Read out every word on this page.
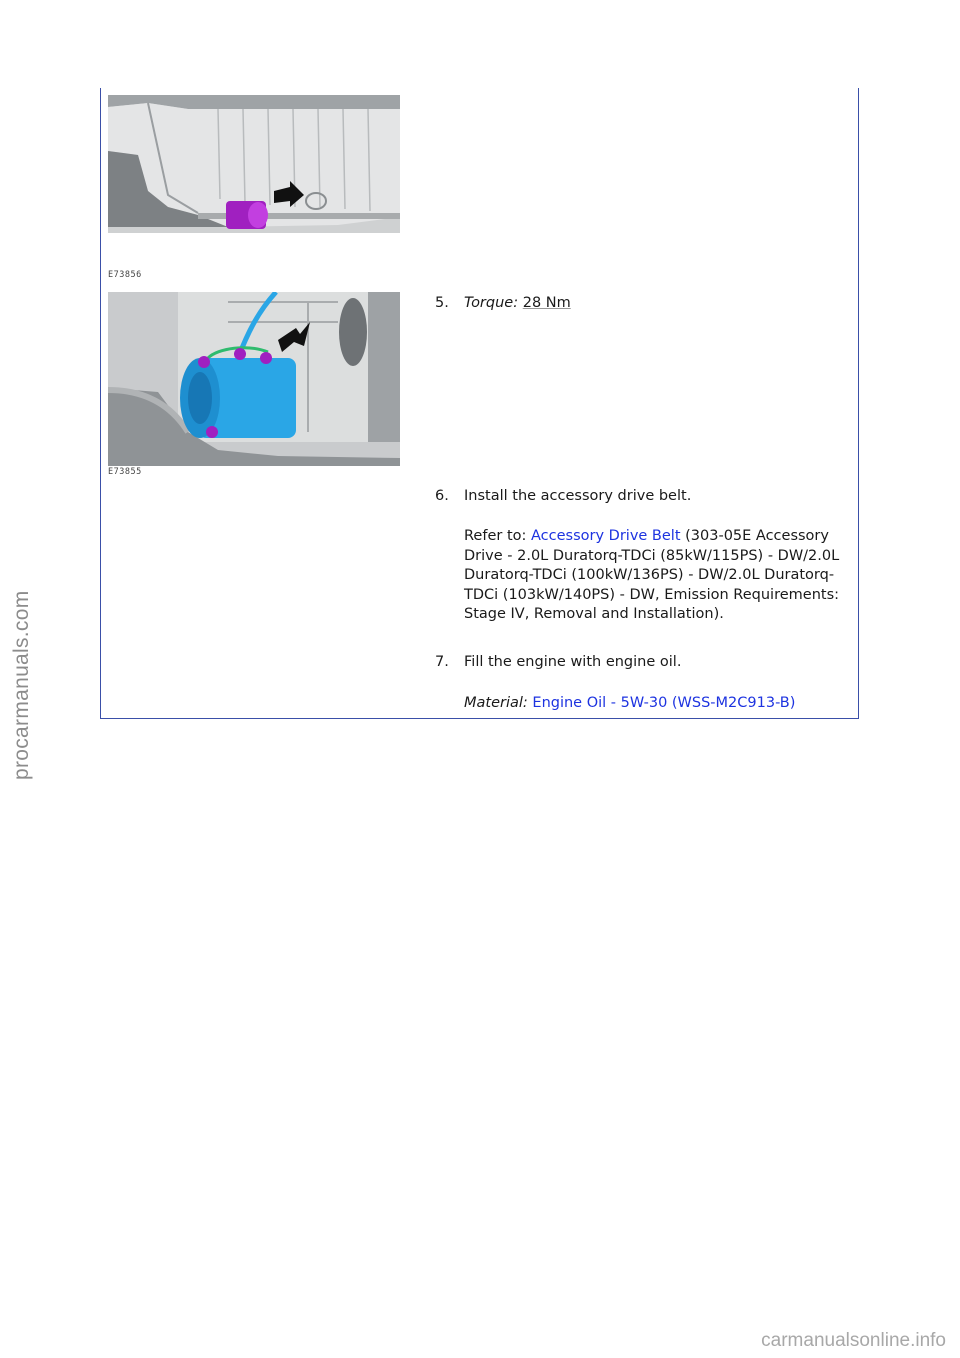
E73856
E73855
5. Torque: 28 Nm
6. Install the accessory drive belt.
Refer to: Accessory Drive Belt (303-05E Accessory Drive - 2.0L Duratorq-TDCi (85kW/115PS) - DW/2.0L Duratorq-TDCi (100kW/136PS) - DW/2.0L Duratorq-TDCi (103kW/140PS) - DW, Emission Requirements: Stage IV, Removal and Installation).
7. Fill the engine with engine oil.
Material: Engine Oil - 5W-30 (WSS-M2C913-B)
procarmanuals.com
carmanualsonline.info
